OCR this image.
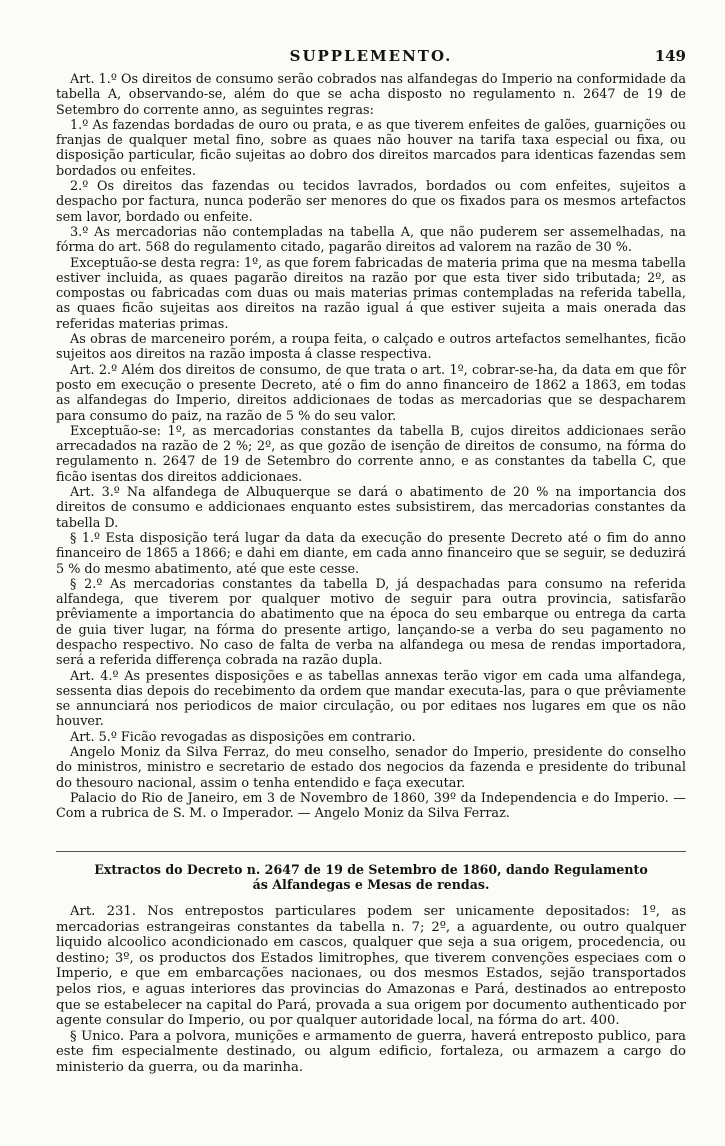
SUPPLEMENTO.	149

Art. 1.º Os direitos de consumo serão cobrados nas alfandegas do Imperio na conformidade da tabella A, observando-se, além do que se acha disposto no regulamento n. 2647 de 19 de Setembro do corrente anno, as seguintes regras:

1.º As fazendas bordadas de ouro ou prata, e as que tiverem enfeites de galões, guarnições ou franjas de qualquer metal fino, sobre as quaes não houver na tarifa taxa especial ou fixa, ou disposição particular, ficão sujeitas ao dobro dos direitos marcados para identicas fazendas sem bordados ou enfeites.

2.º Os direitos das fazendas ou tecidos lavrados, bordados ou com enfeites, sujeitos a despacho por factura, nunca poderão ser menores do que os fixados para os mesmos artefactos sem lavor, bordado ou enfeite.

3.º As mercadorias não contempladas na tabella A, que não puderem ser assemelhadas, na fórma do art. 568 do regulamento citado, pagarão direitos ad valorem na razão de 30 %.

Exceptuão-se desta regra: 1º, as que forem fabricadas de materia prima que na mesma tabella estiver incluida, as quaes pagarão direitos na razão por que esta tiver sido tributada; 2º, as compostas ou fabricadas com duas ou mais materias primas contempladas na referida tabella, as quaes ficão sujeitas aos direitos na razão igual á que estiver sujeita a mais onerada das referidas materias primas.

As obras de marceneiro porém, a roupa feita, o calçado e outros artefactos semelhantes, ficão sujeitos aos direitos na razão imposta á classe respectiva.

Art. 2.º Além dos direitos de consumo, de que trata o art. 1º, cobrar-se-ha, da data em que fôr posto em execução o presente Decreto, até o fim do anno financeiro de 1862 a 1863, em todas as alfandegas do Imperio, direitos addicionaes de todas as mercadorias que se despacharem para consumo do paiz, na razão de 5 % do seu valor.

Exceptuão-se: 1º, as mercadorias constantes da tabella B, cujos direitos addicionaes serão arrecadados na razão de 2 %; 2º, as que gozão de isenção de direitos de consumo, na fórma do regulamento n. 2647 de 19 de Setembro do corrente anno, e as constantes da tabella C, que ficão isentas dos direitos addicionaes.

Art. 3.º Na alfandega de Albuquerque se dará o abatimento de 20 % na importancia dos direitos de consumo e addicionaes enquanto estes subsistirem, das mercadorias constantes da tabella D.

§ 1.º Esta disposição terá lugar da data da execução do presente Decreto até o fim do anno financeiro de 1865 a 1866; e dahi em diante, em cada anno financeiro que se seguir, se deduzirá 5 % do mesmo abatimento, até que este cesse.

§ 2.º As mercadorias constantes da tabella D, já despachadas para consumo na referida alfandega, que tiverem por qualquer motivo de seguir para outra provincia, satisfarão prêviamente a importancia do abatimento que na época do seu embarque ou entrega da carta de guia tiver lugar, na fórma do presente artigo, lançando-se a verba do seu pagamento no despacho respectivo. No caso de falta de verba na alfandega ou mesa de rendas importadora, será a referida differença cobrada na razão dupla.

Art. 4.º As presentes disposições e as tabellas annexas terão vigor em cada uma alfandega, sessenta dias depois do recebimento da ordem que mandar executa-las, para o que prêviamente se annunciará nos periodicos de maior circulação, ou por editaes nos lugares em que os não houver.

Art. 5.º Ficão revogadas as disposições em contrario.

Angelo Moniz da Silva Ferraz, do meu conselho, senador do Imperio, presidente do conselho do ministros, ministro e secretario de estado dos negocios da fazenda e presidente do tribunal do thesouro nacional, assim o tenha entendido e faça executar.

Palacio do Rio de Janeiro, em 3 de Novembro de 1860, 39º da Independencia e do Imperio. — Com a rubrica de S. M. o Imperador. — Angelo Moniz da Silva Ferraz.

Extractos do Decreto n. 2647 de 19 de Setembro de 1860, dando Regulamento
ás Alfandegas e Mesas de rendas.

Art. 231. Nos entrepostos particulares podem ser unicamente depositados: 1º, as mercadorias estrangeiras constantes da tabella n. 7; 2º, a aguardente, ou outro qualquer liquido alcoolico acondicionado em cascos, qualquer que seja a sua origem, procedencia, ou destino; 3º, os productos dos Estados limitrophes, que tiverem convenções especiaes com o Imperio, e que em embarcações nacionaes, ou dos mesmos Estados, sejão transportados pelos rios, e aguas interiores das provincias do Amazonas e Pará, destinados ao entreposto que se estabelecer na capital do Pará, provada a sua origem por documento authenticado por agente consular do Imperio, ou por qualquer autoridade local, na fórma do art. 400.

§ Unico. Para a polvora, munições e armamento de guerra, haverá entreposto publico, para este fim especialmente destinado, ou algum edificio, fortaleza, ou armazem a cargo do ministerio da guerra, ou da marinha.
